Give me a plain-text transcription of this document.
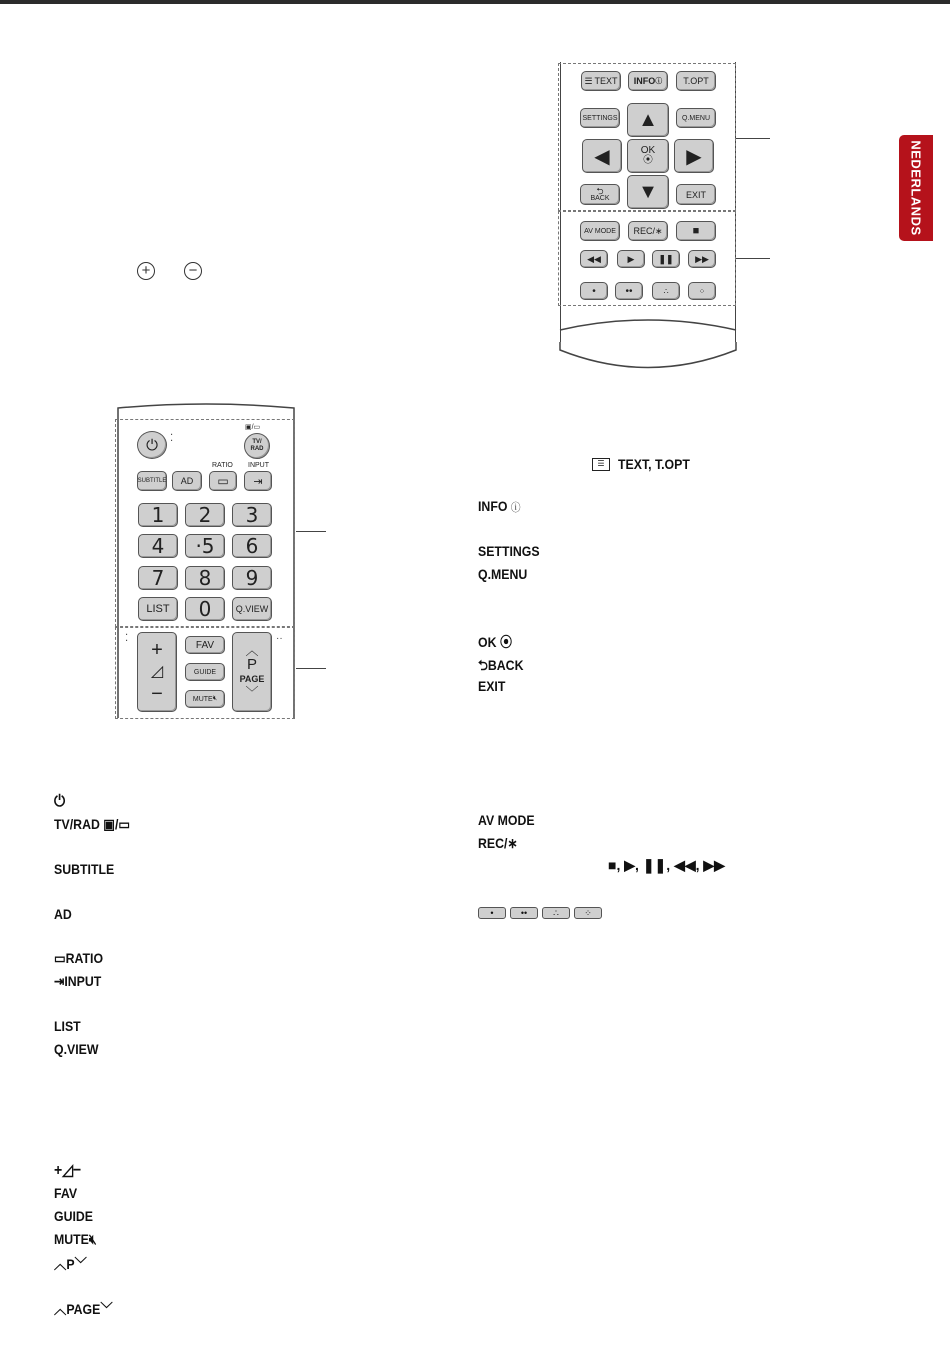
NEDERLANDS
+	−
☰ TEXT INFO ⓘ T.OPT
SETTINGS	Q.MENU
▲
◀	OK
⦿ ▶
▼
⮌
BACK	EXIT
AV MODE REC/∗	■
◀◀	▶	❚❚ ▶▶
•	••	∴	⁘
⏻ ⁚
▣/▭
TV/
RAD
SUBTITLE AD
RATIO
▭
INPUT
⇥
1 2 3
4 ·5 6
7 8 9
LIST 0	Q.VIEW
⁚
+
◿
−
FAV
GUIDE
MUTE 🔇︎
··
︿
P
PAGE
﹀
☰ TEXT, T.OPT
INFO ⓘ
SETTINGS
Q.MENU
OK ⦿
⮌BACK
EXIT
AV MODE
REC/∗
■, ▶, ❚❚, ◀◀, ▶▶
•	••	∴	⁘
⏻
TV/RAD ▣/▭
SUBTITLE
AD
▭RATIO
⇥INPUT
LIST
Q.VIEW
+◿−
FAV
GUIDE
MUTE🔇︎
︿P﹀
︿PAGE﹀
